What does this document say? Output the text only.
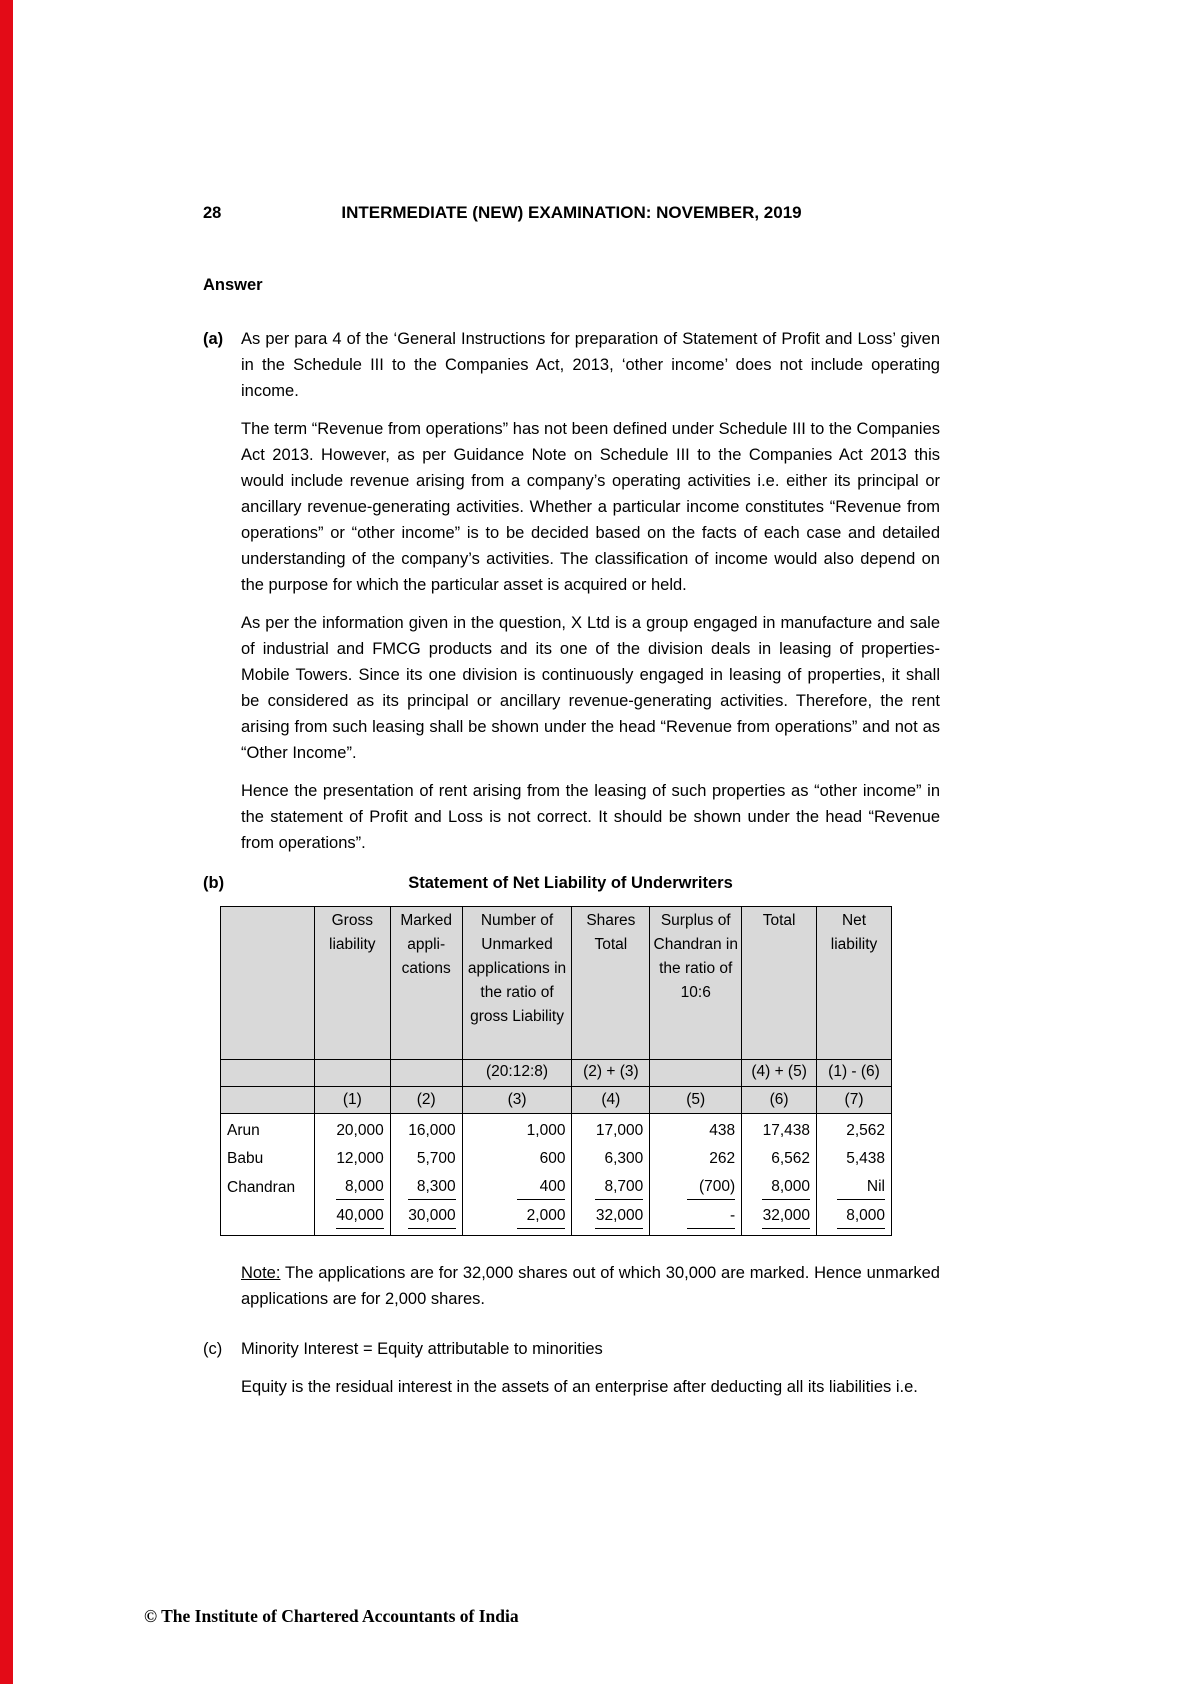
28	INTERMEDIATE (NEW) EXAMINATION: NOVEMBER, 2019
Answer
(a)	As per para 4 of the ‘General Instructions for preparation of Statement of Profit and Loss’ given in the Schedule III to the Companies Act, 2013, ‘other income’ does not include operating income.

The term “Revenue from operations” has not been defined under Schedule III to the Companies Act 2013. However, as per Guidance Note on Schedule III to the Companies Act 2013 this would include revenue arising from a company’s operating activities i.e. either its principal or ancillary revenue-generating activities. Whether a particular income constitutes “Revenue from operations” or “other income” is to be decided based on the facts of each case and detailed understanding of the company’s activities. The classification of income would also depend on the purpose for which the particular asset is acquired or held.

As per the information given in the question, X Ltd is a group engaged in manufacture and sale of industrial and FMCG products and its one of the division deals in leasing of properties- Mobile Towers. Since its one division is continuously engaged in leasing of properties, it shall be considered as its principal or ancillary revenue-generating activities. Therefore, the rent arising from such leasing shall be shown under the head “Revenue from operations” and not as “Other Income”.

Hence the presentation of rent arising from the leasing of such properties as “other income” in the statement of Profit and Loss is not correct. It should be shown under the head “Revenue from operations”.

(b)	Statement of Net Liability of Underwriters
	Gross liability	Marked appli-cations	Number of Unmarked applications in the ratio of gross Liability	Shares Total	Surplus of Chandran in the ratio of 10:6	Total	Net liability
			(20:12:8)	(2) + (3)		(4) + (5)	(1) - (6)
	(1)	(2)	(3)	(4)	(5)	(6)	(7)
Arun	20,000	16,000	1,000	17,000	438	17,438	2,562
Babu	12,000	5,700	600	6,300	262	6,562	5,438
Chandran	8,000	8,300	400	8,700	(700)	8,000	Nil
	40,000	30,000	2,000	32,000	-	32,000	8,000

Note: The applications are for 32,000 shares out of which 30,000 are marked. Hence unmarked applications are for 2,000 shares.

(c)	Minority Interest = Equity attributable to minorities

Equity is the residual interest in the assets of an enterprise after deducting all its liabilities i.e.

© The Institute of Chartered Accountants of India
